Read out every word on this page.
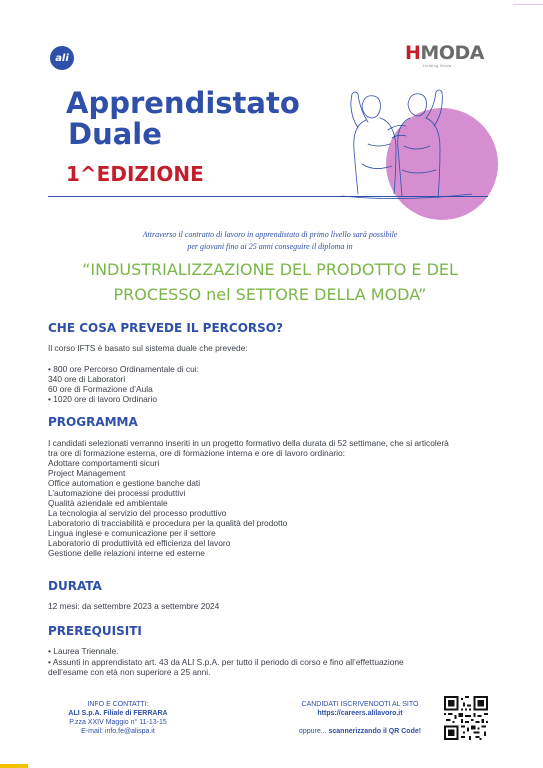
ali	HMODA
Holding Moda
Apprendistato
Duale
1^EDIZIONE
Attraverso il contratto di lavoro in apprendistato di primo livello sarà possibile
per giovani fino ai 25 anni conseguire il diploma in
“INDUSTRIALIZZAZIONE DEL PRODOTTO E DEL
PROCESSO nel SETTORE DELLA MODA”
CHE COSA PREVEDE IL PERCORSO?
Il corso IFTS è basato sul sistema duale che prevede:
• 800 ore Percorso Ordinamentale di cui:
340 ore di Laboratori
60 ore di Formazione d’Aula
• 1020 ore di lavoro Ordinario
PROGRAMMA
I candidati selezionati verranno inseriti in un progetto formativo della durata di 52 settimane, che si articolerà
tra ore di formazione esterna, ore di formazione interna e ore di lavoro ordinario:
Adottare comportamenti sicuri
Project Management
Office automation e gestione banche dati
L’automazione dei processi produttivi
Qualità aziendale ed ambientale
La tecnologia al servizio del processo produttivo
Laboratorio di tracciabilità e procedura per la qualità del prodotto
Lingua inglese e comunicazione per il settore
Laboratorio di produttività ed efficienza del lavoro
Gestione delle relazioni interne ed esterne
DURATA
12 mesi: da settembre 2023 a settembre 2024
PREREQUISITI
• Laurea Triennale.
• Assunti in apprendistato art. 43 da ALI S.p.A. per tutto il periodo di corso e fino all’effettuazione
dell’esame con età non superiore a 25 anni.
INFO E CONTATTI:
ALI S.p.A. Filiale di FERRARA
P.zza XXIV Maggio n° 11-13-15
E-mail: info.fe@alispa.it
CANDIDATI ISCRIVENDOTI AL SITO
https://careers.alilavoro.it
oppure... scannerizzando il QR Code!
